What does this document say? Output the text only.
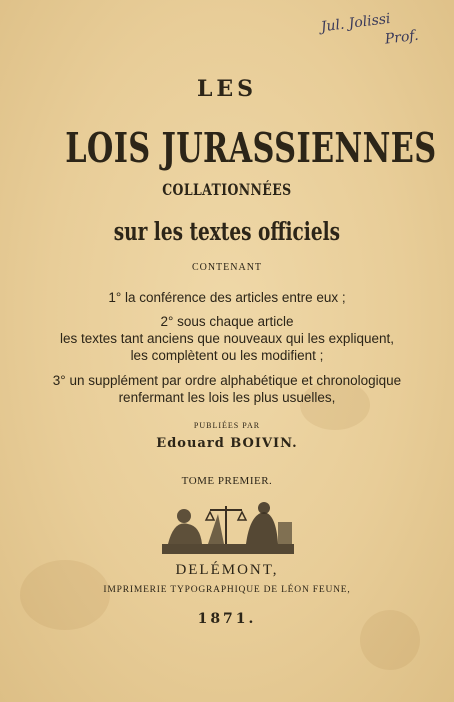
Jul. Jolissi
Prof.
LES
LOIS JURASSIENNES
COLLATIONNÉES
sur les textes officiels
CONTENANT
1° la conférence des articles entre eux ;
2° sous chaque article
les textes tant anciens que nouveaux qui les expliquent,
les complètent ou les modifient ;
3° un supplément par ordre alphabétique et chronologique
renfermant les lois les plus usuelles,
PUBLIÉES PAR
Edouard BOIVIN.
TOME PREMIER.
DELÉMONT,
IMPRIMERIE TYPOGRAPHIQUE DE LÉON FEUNE,
1871.
